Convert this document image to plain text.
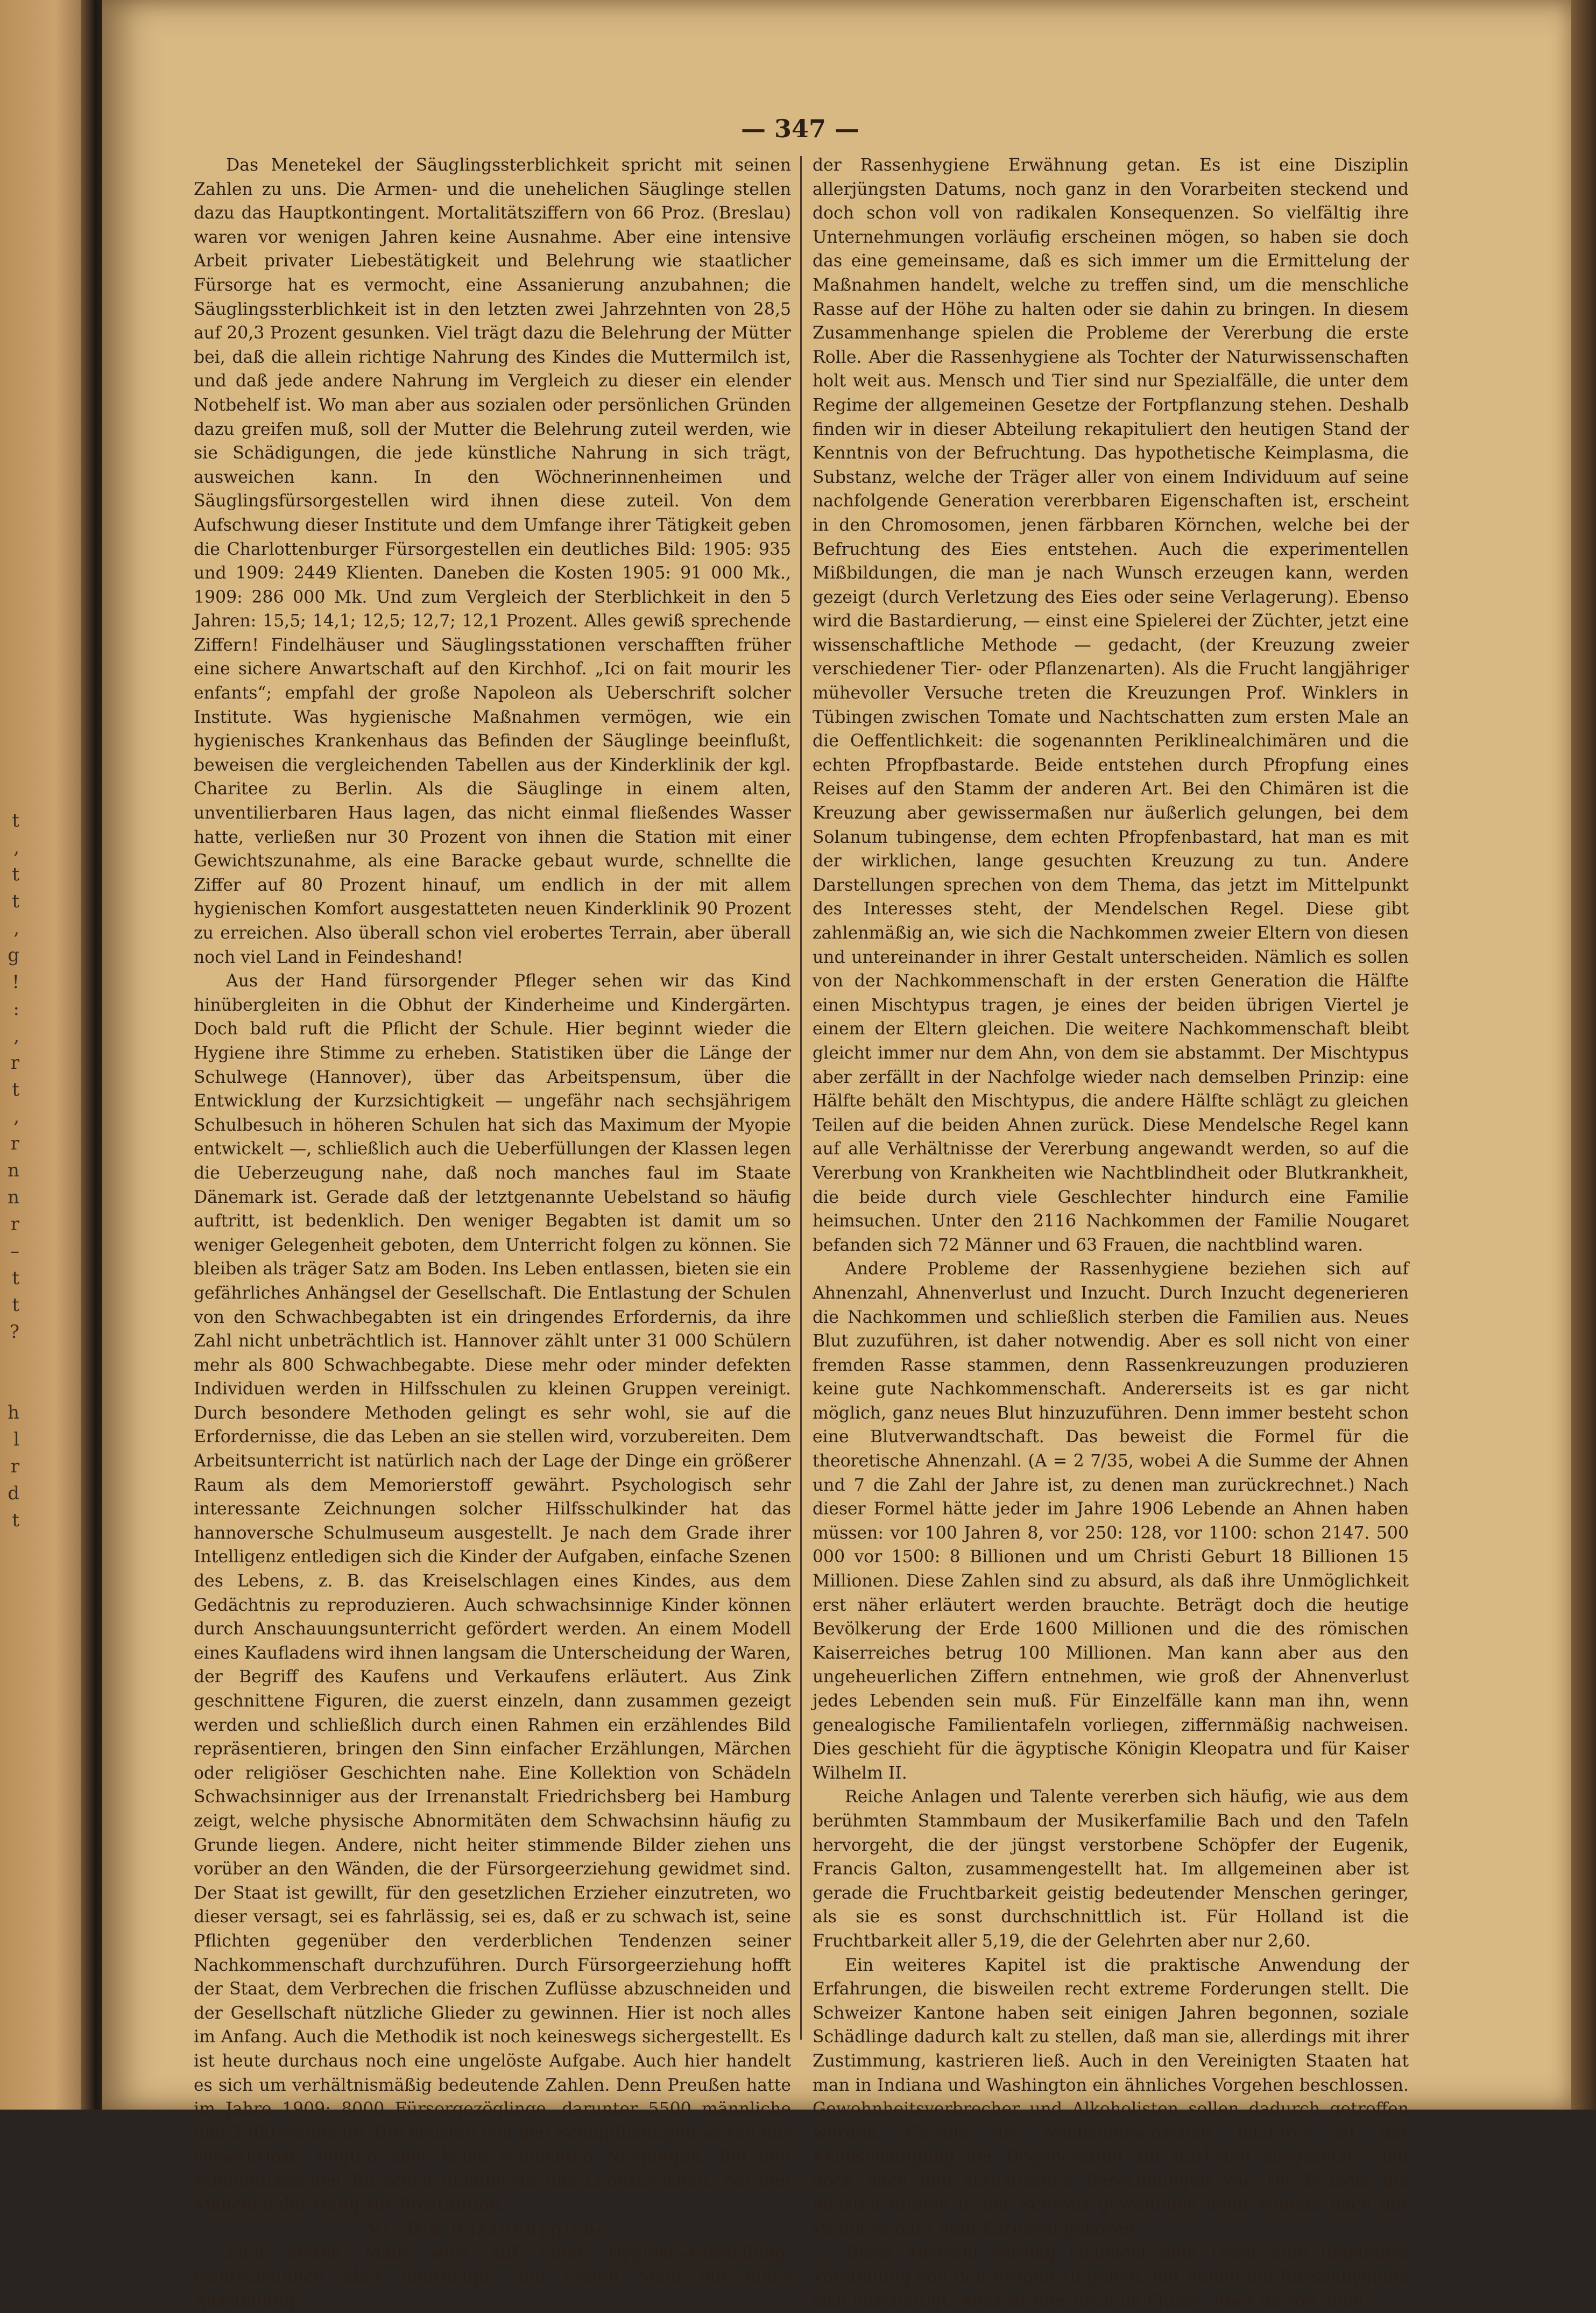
t
,
t
t
,
g
!
:
,
r
t
,
r
n
n
r
–
t
t
?

h
l
r
d
t
— 347 —

Das Menetekel der Säuglingssterblichkeit spricht mit seinen Zahlen zu uns. Die Armen- und die unehelichen Säuglinge stellen dazu das Hauptkontingent. Mortalitätsziffern von 66 Proz. (Breslau) waren vor wenigen Jahren keine Ausnahme. Aber eine intensive Arbeit privater Liebestätigkeit und Belehrung wie staatlicher Fürsorge hat es vermocht, eine Assanierung anzubahnen; die Säuglingssterblichkeit ist in den letzten zwei Jahrzehnten von 28,5 auf 20,3 Prozent gesunken. Viel trägt dazu die Belehrung der Mütter bei, daß die allein richtige Nahrung des Kindes die Muttermilch ist, und daß jede andere Nahrung im Vergleich zu dieser ein elender Notbehelf ist. Wo man aber aus sozialen oder persönlichen Gründen dazu greifen muß, soll der Mutter die Belehrung zuteil werden, wie sie Schädigungen, die jede künstliche Nahrung in sich trägt, ausweichen kann. In den Wöchnerinnenheimen und Säuglingsfürsorgestellen wird ihnen diese zuteil. Von dem Aufschwung dieser Institute und dem Umfange ihrer Tätigkeit geben die Charlottenburger Fürsorgestellen ein deutliches Bild: 1905: 935 und 1909: 2449 Klienten. Daneben die Kosten 1905: 91 000 Mk., 1909: 286 000 Mk. Und zum Vergleich der Sterblichkeit in den 5 Jahren: 15,5; 14,1; 12,5; 12,7; 12,1 Prozent. Alles gewiß sprechende Ziffern! Findelhäuser und Säuglingsstationen verschafften früher eine sichere Anwartschaft auf den Kirchhof. „Ici on fait mourir les enfants“; empfahl der große Napoleon als Ueberschrift solcher Institute. Was hygienische Maßnahmen vermögen, wie ein hygienisches Krankenhaus das Befinden der Säuglinge beeinflußt, beweisen die vergleichenden Tabellen aus der Kinderklinik der kgl. Charitee zu Berlin. Als die Säuglinge in einem alten, unventilierbaren Haus lagen, das nicht einmal fließendes Wasser hatte, verließen nur 30 Prozent von ihnen die Station mit einer Gewichtszunahme, als eine Baracke gebaut wurde, schnellte die Ziffer auf 80 Prozent hinauf, um endlich in der mit allem hygienischen Komfort ausgestatteten neuen Kinderklinik 90 Prozent zu erreichen. Also überall schon viel erobertes Terrain, aber überall noch viel Land in Feindeshand!

Aus der Hand fürsorgender Pfleger sehen wir das Kind hinübergleiten in die Obhut der Kinderheime und Kindergärten. Doch bald ruft die Pflicht der Schule. Hier beginnt wieder die Hygiene ihre Stimme zu erheben. Statistiken über die Länge der Schulwege (Hannover), über das Arbeitspensum, über die Entwicklung der Kurzsichtigkeit — ungefähr nach sechsjährigem Schulbesuch in höheren Schulen hat sich das Maximum der Myopie entwickelt —, schließlich auch die Ueberfüllungen der Klassen legen die Ueberzeugung nahe, daß noch manches faul im Staate Dänemark ist. Gerade daß der letztgenannte Uebelstand so häufig auftritt, ist bedenklich. Den weniger Begabten ist damit um so weniger Gelegenheit geboten, dem Unterricht folgen zu können. Sie bleiben als träger Satz am Boden. Ins Leben entlassen, bieten sie ein gefährliches Anhängsel der Gesellschaft. Die Entlastung der Schulen von den Schwachbegabten ist ein dringendes Erfordernis, da ihre Zahl nicht unbeträchtlich ist. Hannover zählt unter 31 000 Schülern mehr als 800 Schwachbegabte. Diese mehr oder minder defekten Individuen werden in Hilfsschulen zu kleinen Gruppen vereinigt. Durch besondere Methoden gelingt es sehr wohl, sie auf die Erfordernisse, die das Leben an sie stellen wird, vorzubereiten. Dem Arbeitsunterricht ist natürlich nach der Lage der Dinge ein größerer Raum als dem Memorierstoff gewährt. Psychologisch sehr interessante Zeichnungen solcher Hilfsschulkinder hat das hannoversche Schulmuseum ausgestellt. Je nach dem Grade ihrer Intelligenz entledigen sich die Kinder der Aufgaben, einfache Szenen des Lebens, z. B. das Kreiselschlagen eines Kindes, aus dem Gedächtnis zu reproduzieren. Auch schwachsinnige Kinder können durch Anschauungsunterricht gefördert werden. An einem Modell eines Kaufladens wird ihnen langsam die Unterscheidung der Waren, der Begriff des Kaufens und Verkaufens erläutert. Aus Zink geschnittene Figuren, die zuerst einzeln, dann zusammen gezeigt werden und schließlich durch einen Rahmen ein erzählendes Bild repräsentieren, bringen den Sinn einfacher Erzählungen, Märchen oder religiöser Geschichten nahe. Eine Kollektion von Schädeln Schwachsinniger aus der Irrenanstalt Friedrichsberg bei Hamburg zeigt, welche physische Abnormitäten dem Schwachsinn häufig zu Grunde liegen. Andere, nicht heiter stimmende Bilder ziehen uns vorüber an den Wänden, die der Fürsorgeerziehung gewidmet sind. Der Staat ist gewillt, für den gesetzlichen Erzieher einzutreten, wo dieser versagt, sei es fahrlässig, sei es, daß er zu schwach ist, seine Pflichten gegenüber den verderblichen Tendenzen seiner Nachkommenschaft durchzuführen. Durch Fürsorgeerziehung hofft der Staat, dem Verbrechen die frischen Zuflüsse abzuschneiden und der Gesellschaft nützliche Glieder zu gewinnen. Hier ist noch alles im Anfang. Auch die Methodik ist noch keineswegs sichergestellt. Es ist heute durchaus noch eine ungelöste Aufgabe. Auch hier handelt es sich um verhältnismäßig bedeutende Zahlen. Denn Preußen hatte im Jahre 1909: 8000 Fürsorgezöglinge, darunter 5500 männliche und 2500 weibliche. Die meisten von den Schulpflichtigen waren nur verwahrlost, zeigten aber keine schlechten Neigungen. Bei den schulentlassenen Burschen dominierte das Landstreichen, bei den Mädchen der Hang zur Prostitution.

VI. Die Rassenhygiene.

Zum ersten Male wird auf einer Hygiene-Ausstellung, wahrscheinlich aber überhaupt zum ersten Male auf einer Ausstellung,

der Rassenhygiene Erwähnung getan. Es ist eine Disziplin allerjüngsten Datums, noch ganz in den Vorarbeiten steckend und doch schon voll von radikalen Konsequenzen. So vielfältig ihre Unternehmungen vorläufig erscheinen mögen, so haben sie doch das eine gemeinsame, daß es sich immer um die Ermittelung der Maßnahmen handelt, welche zu treffen sind, um die menschliche Rasse auf der Höhe zu halten oder sie dahin zu bringen. In diesem Zusammenhange spielen die Probleme der Vererbung die erste Rolle. Aber die Rassenhygiene als Tochter der Naturwissenschaften holt weit aus. Mensch und Tier sind nur Spezialfälle, die unter dem Regime der allgemeinen Gesetze der Fortpflanzung stehen. Deshalb finden wir in dieser Abteilung rekapituliert den heutigen Stand der Kenntnis von der Befruchtung. Das hypothetische Keimplasma, die Substanz, welche der Träger aller von einem Individuum auf seine nachfolgende Generation vererbbaren Eigenschaften ist, erscheint in den Chromosomen, jenen färbbaren Körnchen, welche bei der Befruchtung des Eies entstehen. Auch die experimentellen Mißbildungen, die man je nach Wunsch erzeugen kann, werden gezeigt (durch Verletzung des Eies oder seine Verlagerung). Ebenso wird die Bastardierung, — einst eine Spielerei der Züchter, jetzt eine wissenschaftliche Methode — gedacht, (der Kreuzung zweier verschiedener Tier- oder Pflanzenarten). Als die Frucht langjähriger mühevoller Versuche treten die Kreuzungen Prof. Winklers in Tübingen zwischen Tomate und Nachtschatten zum ersten Male an die Oeffentlichkeit: die sogenannten Periklinealchimären und die echten Pfropfbastarde. Beide entstehen durch Pfropfung eines Reises auf den Stamm der anderen Art. Bei den Chimären ist die Kreuzung aber gewissermaßen nur äußerlich gelungen, bei dem Solanum tubingense, dem echten Pfropfenbastard, hat man es mit der wirklichen, lange gesuchten Kreuzung zu tun. Andere Darstellungen sprechen von dem Thema, das jetzt im Mittelpunkt des Interesses steht, der Mendelschen Regel. Diese gibt zahlenmäßig an, wie sich die Nachkommen zweier Eltern von diesen und untereinander in ihrer Gestalt unterscheiden. Nämlich es sollen von der Nachkommenschaft in der ersten Generation die Hälfte einen Mischtypus tragen, je eines der beiden übrigen Viertel je einem der Eltern gleichen. Die weitere Nachkommenschaft bleibt gleicht immer nur dem Ahn, von dem sie abstammt. Der Mischtypus aber zerfällt in der Nachfolge wieder nach demselben Prinzip: eine Hälfte behält den Mischtypus, die andere Hälfte schlägt zu gleichen Teilen auf die beiden Ahnen zurück. Diese Mendelsche Regel kann auf alle Verhältnisse der Vererbung angewandt werden, so auf die Vererbung von Krankheiten wie Nachtblindheit oder Blutkrankheit, die beide durch viele Geschlechter hindurch eine Familie heimsuchen. Unter den 2116 Nachkommen der Familie Nougaret befanden sich 72 Männer und 63 Frauen, die nachtblind waren.

Andere Probleme der Rassenhygiene beziehen sich auf Ahnenzahl, Ahnenverlust und Inzucht. Durch Inzucht degenerieren die Nachkommen und schließlich sterben die Familien aus. Neues Blut zuzuführen, ist daher notwendig. Aber es soll nicht von einer fremden Rasse stammen, denn Rassenkreuzungen produzieren keine gute Nachkommenschaft. Andererseits ist es gar nicht möglich, ganz neues Blut hinzuzuführen. Denn immer besteht schon eine Blutverwandtschaft. Das beweist die Formel für die theoretische Ahnenzahl. (A = 2 7/35, wobei A die Summe der Ahnen und 7 die Zahl der Jahre ist, zu denen man zurückrechnet.) Nach dieser Formel hätte jeder im Jahre 1906 Lebende an Ahnen haben müssen: vor 100 Jahren 8, vor 250: 128, vor 1100: schon 2147. 500 000 vor 1500: 8 Billionen und um Christi Geburt 18 Billionen 15 Millionen. Diese Zahlen sind zu absurd, als daß ihre Unmöglichkeit erst näher erläutert werden brauchte. Beträgt doch die heutige Bevölkerung der Erde 1600 Millionen und die des römischen Kaiserreiches betrug 100 Millionen. Man kann aber aus den ungeheuerlichen Ziffern entnehmen, wie groß der Ahnenverlust jedes Lebenden sein muß. Für Einzelfälle kann man ihn, wenn genealogische Familientafeln vorliegen, ziffernmäßig nachweisen. Dies geschieht für die ägyptische Königin Kleopatra und für Kaiser Wilhelm II.

Reiche Anlagen und Talente vererben sich häufig, wie aus dem berühmten Stammbaum der Musikerfamilie Bach und den Tafeln hervorgeht, die der jüngst verstorbene Schöpfer der Eugenik, Francis Galton, zusammengestellt hat. Im allgemeinen aber ist gerade die Fruchtbarkeit geistig bedeutender Menschen geringer, als sie es sonst durchschnittlich ist. Für Holland ist die Fruchtbarkeit aller 5,19, die der Gelehrten aber nur 2,60.

Ein weiteres Kapitel ist die praktische Anwendung der Erfahrungen, die bisweilen recht extreme Forderungen stellt. Die Schweizer Kantone haben seit einigen Jahren begonnen, soziale Schädlinge dadurch kalt zu stellen, daß man sie, allerdings mit ihrer Zustimmung, kastrieren ließ. Auch in den Vereinigten Staaten hat man in Indiana und Washington ein ähnliches Vorgehen beschlossen. Gewohnheitsverbrecher und Alkoholisten sollen dadurch getroffen werden. Gerade die Nachkommenschaft letzterer ist der Keimschädigung der Degeneration am stärksten ausgesetzt. Sind doch nach den statistischen Berechnungen von Dr. Bezzola die meisten Idioten in der Schweiz gewöhnlich neun Monate nach der Weinlese oder dem Karneval geboren.

Diese Auswahl vermag vielleicht dem Leser eine ungefähre Vorstellung von den Fragen zu geben, mit denen die Rassenhygiene sich beschäftigt. Alles ist hier noch im Flusse. Aber da von allen
